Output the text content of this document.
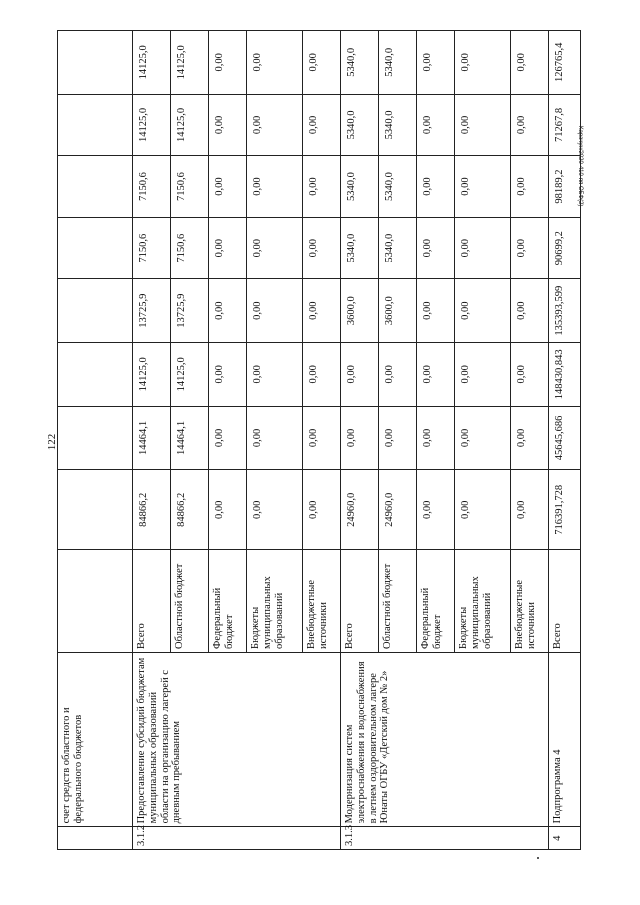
122
Карачун/2020-410-пп ОБФ(2)
	счет средств областного и федерального бюджетов									
3.1.2	Предоставление субсидий бюджетам муниципальных образований области на организацию лагерей с дневным пребыванием	Всего	84866,2	14464,1	14125,0	13725,9	7150,6	7150,6	14125,0	14125,0
		Областной бюджет	84866,2	14464,1	14125,0	13725,9	7150,6	7150,6	14125,0	14125,0
		Федеральный бюджет	0,00	0,00	0,00	0,00	0,00	0,00	0,00	0,00
		Бюджеты муниципальных образований	0,00	0,00	0,00	0,00	0,00	0,00	0,00	0,00
		Внебюджетные источники	0,00	0,00	0,00	0,00	0,00	0,00	0,00	0,00
3.1.3	Модернизация систем электроснабжения и водоснабжения в летнем оздоровительном лагере Юнаты ОГБУ «Детский дом № 2»	Всего	24960,0	0,00	0,00	3600,0	5340,0	5340,0	5340,0	5340,0
		Областной бюджет	24960,0	0,00	0,00	3600,0	5340,0	5340,0	5340,0	5340,0
		Федеральный бюджет	0,00	0,00	0,00	0,00	0,00	0,00	0,00	0,00
		Бюджеты муниципальных образований	0,00	0,00	0,00	0,00	0,00	0,00	0,00	0,00
		Внебюджетные источники	0,00	0,00	0,00	0,00	0,00	0,00	0,00	0,00
4	Подпрограмма 4	Всего	716391,728	45645,686	148430,843	135393,599	90699,2	98189,2	71267,8	126765,4
